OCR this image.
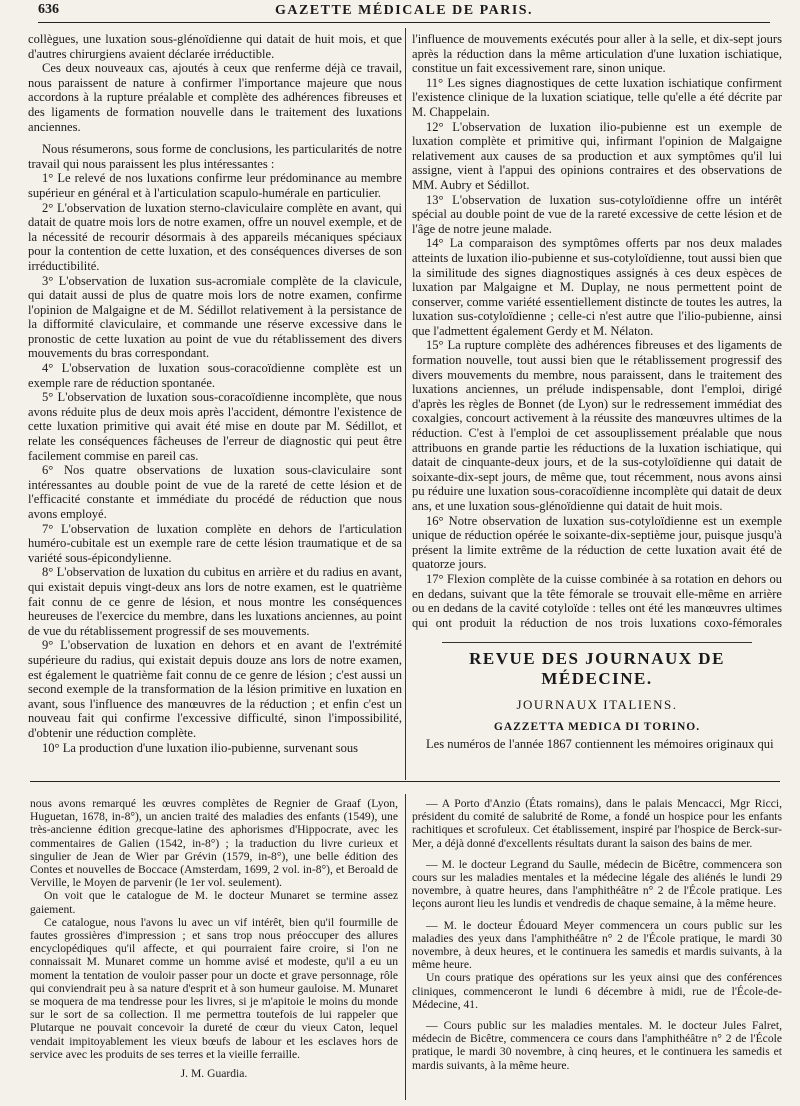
636	GAZETTE MÉDICALE DE PARIS.

collègues, une luxation sous-glénoïdienne qui datait de huit mois, et que d'autres chirurgiens avaient déclarée irréductible.

Ces deux nouveaux cas, ajoutés à ceux que renferme déjà ce travail, nous paraissent de nature à confirmer l'importance majeure que nous accordons à la rupture préalable et complète des adhérences fibreuses et des ligaments de formation nouvelle dans le traitement des luxations anciennes.

Nous résumerons, sous forme de conclusions, les particularités de notre travail qui nous paraissent les plus intéressantes :

1° Le relevé de nos luxations confirme leur prédominance au membre supérieur en général et à l'articulation scapulo-humérale en particulier.

2° L'observation de luxation sterno-claviculaire complète en avant, qui datait de quatre mois lors de notre examen, offre un nouvel exemple, et de la nécessité de recourir désormais à des appareils mécaniques spéciaux pour la contention de cette luxation, et des conséquences diverses de son irréductibilité.

3° L'observation de luxation sus-acromiale complète de la clavicule, qui datait aussi de plus de quatre mois lors de notre examen, confirme l'opinion de Malgaigne et de M. Sédillot relativement à la persistance de la difformité claviculaire, et commande une réserve excessive dans le pronostic de cette luxation au point de vue du rétablissement des divers mouvements du bras correspondant.

4° L'observation de luxation sous-coracoïdienne complète est un exemple rare de réduction spontanée.

5° L'observation de luxation sous-coracoïdienne incomplète, que nous avons réduite plus de deux mois après l'accident, démontre l'existence de cette luxation primitive qui avait été mise en doute par M. Sédillot, et relate les conséquences fâcheuses de l'erreur de diagnostic qui peut être facilement commise en pareil cas.

6° Nos quatre observations de luxation sous-claviculaire sont intéressantes au double point de vue de la rareté de cette lésion et de l'efficacité constante et immédiate du procédé de réduction que nous avons employé.

7° L'observation de luxation complète en dehors de l'articulation huméro-cubitale est un exemple rare de cette lésion traumatique et de sa variété sous-épicondylienne.

8° L'observation de luxation du cubitus en arrière et du radius en avant, qui existait depuis vingt-deux ans lors de notre examen, est le quatrième fait connu de ce genre de lésion, et nous montre les conséquences heureuses de l'exercice du membre, dans les luxations anciennes, au point de vue du rétablissement progressif de ses mouvements.

9° L'observation de luxation en dehors et en avant de l'extrémité supérieure du radius, qui existait depuis douze ans lors de notre examen, est également le quatrième fait connu de ce genre de lésion ; c'est aussi un second exemple de la transformation de la lésion primitive en luxation en avant, sous l'influence des manœuvres de la réduction ; et enfin c'est un nouveau fait qui confirme l'excessive difficulté, sinon l'impossibilité, d'obtenir une réduction complète.

10° La production d'une luxation ilio-pubienne, survenant sous

l'influence de mouvements exécutés pour aller à la selle, et dix-sept jours après la réduction dans la même articulation d'une luxation ischiatique, constitue un fait excessivement rare, sinon unique.

11° Les signes diagnostiques de cette luxation ischiatique confirment l'existence clinique de la luxation sciatique, telle qu'elle a été décrite par M. Chappelain.

12° L'observation de luxation ilio-pubienne est un exemple de luxation complète et primitive qui, infirmant l'opinion de Malgaigne relativement aux causes de sa production et aux symptômes qu'il lui assigne, vient à l'appui des opinions contraires et des observations de MM. Aubry et Sédillot.

13° L'observation de luxation sus-cotyloïdienne offre un intérêt spécial au double point de vue de la rareté excessive de cette lésion et de l'âge de notre jeune malade.

14° La comparaison des symptômes offerts par nos deux malades atteints de luxation ilio-pubienne et sus-cotyloïdienne, tout aussi bien que la similitude des signes diagnostiques assignés à ces deux espèces de luxation par Malgaigne et M. Duplay, ne nous permettent point de conserver, comme variété essentiellement distincte de toutes les autres, la luxation sus-cotyloïdienne ; celle-ci n'est autre que l'ilio-pubienne, ainsi que l'admettent également Gerdy et M. Nélaton.

15° La rupture complète des adhérences fibreuses et des ligaments de formation nouvelle, tout aussi bien que le rétablissement progressif des divers mouvements du membre, nous paraissent, dans le traitement des luxations anciennes, un prélude indispensable, dont l'emploi, dirigé d'après les règles de Bonnet (de Lyon) sur le redressement immédiat des coxalgies, concourt activement à la réussite des manœuvres ultimes de la réduction. C'est à l'emploi de cet assouplissement préalable que nous attribuons en grande partie les réductions de la luxation ischiatique, qui datait de cinquante-deux jours, et de la sus-cotyloïdienne qui datait de soixante-dix-sept jours, de même que, tout récemment, nous avons ainsi pu réduire une luxation sous-coracoïdienne incomplète qui datait de deux ans, et une luxation sous-glénoïdienne qui datait de huit mois.

16° Notre observation de luxation sus-cotyloïdienne est un exemple unique de réduction opérée le soixante-dix-septième jour, puisque jusqu'à présent la limite extrême de la réduction de cette luxation avait été de quatorze jours.

17° Flexion complète de la cuisse combinée à sa rotation en dehors ou en dedans, suivant que la tête fémorale se trouvait elle-même en arrière ou en dedans de la cavité cotyloïde : telles ont été les manœuvres ultimes qui ont produit la réduction de nos trois luxations coxo-fémorales

REVUE DES JOURNAUX DE MÉDECINE.
JOURNAUX ITALIENS.
GAZZETTA MEDICA DI TORINO.

Les numéros de l'année 1867 contiennent les mémoires originaux qui

nous avons remarqué les œuvres complètes de Regnier de Graaf (Lyon, Huguetan, 1678, in-8°), un ancien traité des maladies des enfants (1549), une très-ancienne édition grecque-latine des aphorismes d'Hippocrate, avec les commentaires de Galien (1542, in-8°) ; la traduction du livre curieux et singulier de Jean de Wier par Grévin (1579, in-8°), une belle édition des Contes et nouvelles de Boccace (Amsterdam, 1699, 2 vol. in-8°), et Beroald de Verville, le Moyen de parvenir (le 1er vol. seulement).

On voit que le catalogue de M. le docteur Munaret se termine assez gaiement.

Ce catalogue, nous l'avons lu avec un vif intérêt, bien qu'il fourmille de fautes grossières d'impression ; et sans trop nous préoccuper des allures encyclopédiques qu'il affecte, et qui pourraient faire croire, si l'on ne connaissait M. Munaret comme un homme avisé et modeste, qu'il a eu un moment la tentation de vouloir passer pour un docte et grave personnage, rôle qui conviendrait peu à sa nature d'esprit et à son humeur gauloise. M. Munaret se moquera de ma tendresse pour les livres, si je m'apitoie le moins du monde sur le sort de sa collection. Il me permettra toutefois de lui rappeler que Plutarque ne pouvait concevoir la dureté de cœur du vieux Caton, lequel vendait impitoyablement les vieux bœufs de labour et les esclaves hors de service avec les produits de ses terres et la vieille ferraille.

J. M. Guardia.

— A Porto d'Anzio (États romains), dans le palais Mencacci, Mgr Ricci, président du comité de salubrité de Rome, a fondé un hospice pour les enfants rachitiques et scrofuleux. Cet établissement, inspiré par l'hospice de Berck-sur-Mer, a déjà donné d'excellents résultats durant la saison des bains de mer.

— M. le docteur Legrand du Saulle, médecin de Bicêtre, commencera son cours sur les maladies mentales et la médecine légale des aliénés le lundi 29 novembre, à quatre heures, dans l'amphithéâtre n° 2 de l'École pratique. Les leçons auront lieu les lundis et vendredis de chaque semaine, à la même heure.

— M. le docteur Édouard Meyer commencera un cours public sur les maladies des yeux dans l'amphithéâtre n° 2 de l'École pratique, le mardi 30 novembre, à deux heures, et le continuera les samedis et mardis suivants, à la même heure.

Un cours pratique des opérations sur les yeux ainsi que des conférences cliniques, commenceront le lundi 6 décembre à midi, rue de l'École-de-Médecine, 41.

— Cours public sur les maladies mentales. M. le docteur Jules Falret, médecin de Bicêtre, commencera ce cours dans l'amphithéâtre n° 2 de l'École pratique, le mardi 30 novembre, à cinq heures, et le continuera les samedis et mardis suivants, à la même heure.
